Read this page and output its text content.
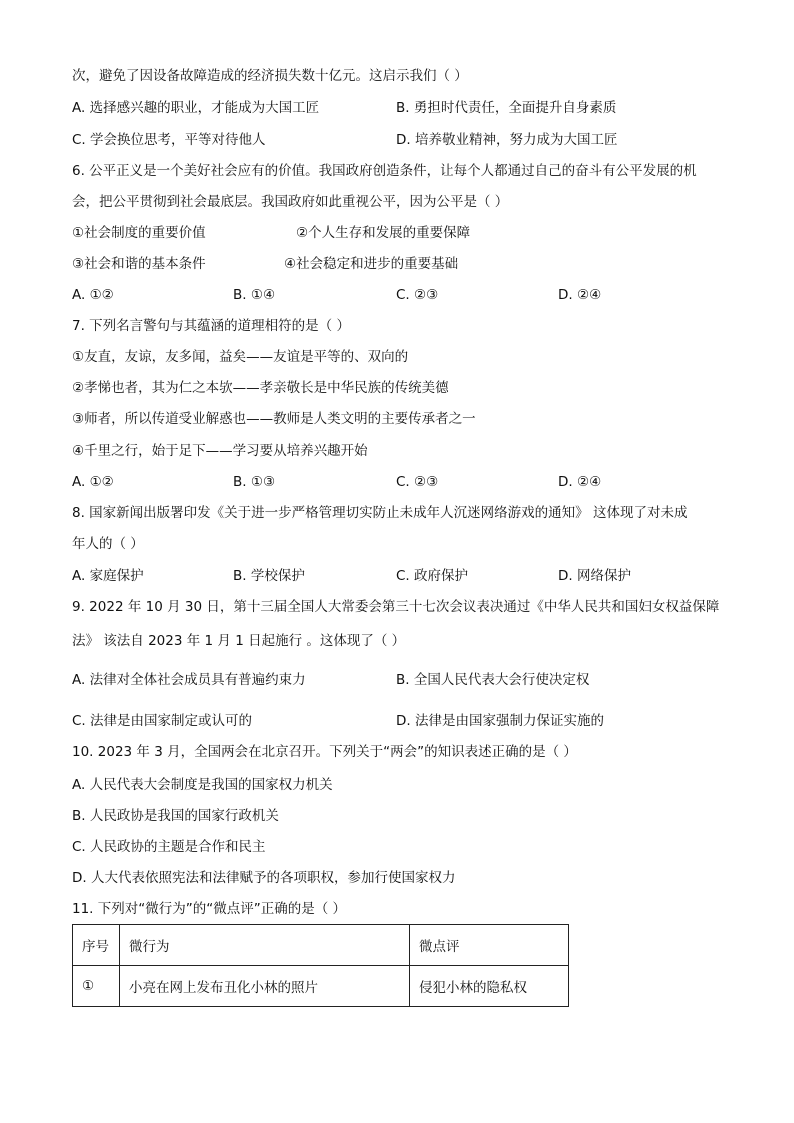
次，避免了因设备故障造成的经济损失数十亿元。这启示我们（ ）
A. 选择感兴趣的职业，才能成为大国工匠	B. 勇担时代责任，全面提升自身素质
C. 学会换位思考，平等对待他人	D. 培养敬业精神，努力成为大国工匠
6. 公平正义是一个美好社会应有的价值。我国政府创造条件，让每个人都通过自己的奋斗有公平发展的机
会，把公平贯彻到社会最底层。我国政府如此重视公平，因为公平是（ ）
①社会制度的重要价值	②个人生存和发展的重要保障
③社会和谐的基本条件	④社会稳定和进步的重要基础
A. ①②	B. ①④	C. ②③	D. ②④
7. 下列名言警句与其蕴涵的道理相符的是（ ）
①友直，友谅，友多闻，益矣——友谊是平等的、双向的
②孝悌也者，其为仁之本欤——孝亲敬长是中华民族的传统美德
③师者，所以传道受业解惑也——教师是人类文明的主要传承者之一
④千里之行，始于足下——学习要从培养兴趣开始
A. ①②	B. ①③	C. ②③	D. ②④
8. 国家新闻出版署印发《关于进一步严格管理切实防止未成年人沉迷网络游戏的通知》 这体现了对未成
年人的（ ）
A. 家庭保护	B. 学校保护	C. 政府保护	D. 网络保护
9. 2022 年 10 月 30 日，第十三届全国人大常委会第三十七次会议表决通过《中华人民共和国妇女权益保障
法》 该法自 2023 年 1 月 1 日起施行 。这体现了（ ）
A. 法律对全体社会成员具有普遍约束力	B. 全国人民代表大会行使决定权
C. 法律是由国家制定或认可的	D. 法律是由国家强制力保证实施的
10. 2023 年 3 月，全国两会在北京召开。下列关于“两会”的知识表述正确的是（ ）
A. 人民代表大会制度是我国的国家权力机关
B. 人民政协是我国的国家行政机关
C. 人民政协的主题是合作和民主
D. 人大代表依照宪法和法律赋予的各项职权，参加行使国家权力
11. 下列对“微行为”的“微点评”正确的是（ ）
序号	微行为	微点评
①	小亮在网上发布丑化小林的照片	侵犯小林的隐私权
